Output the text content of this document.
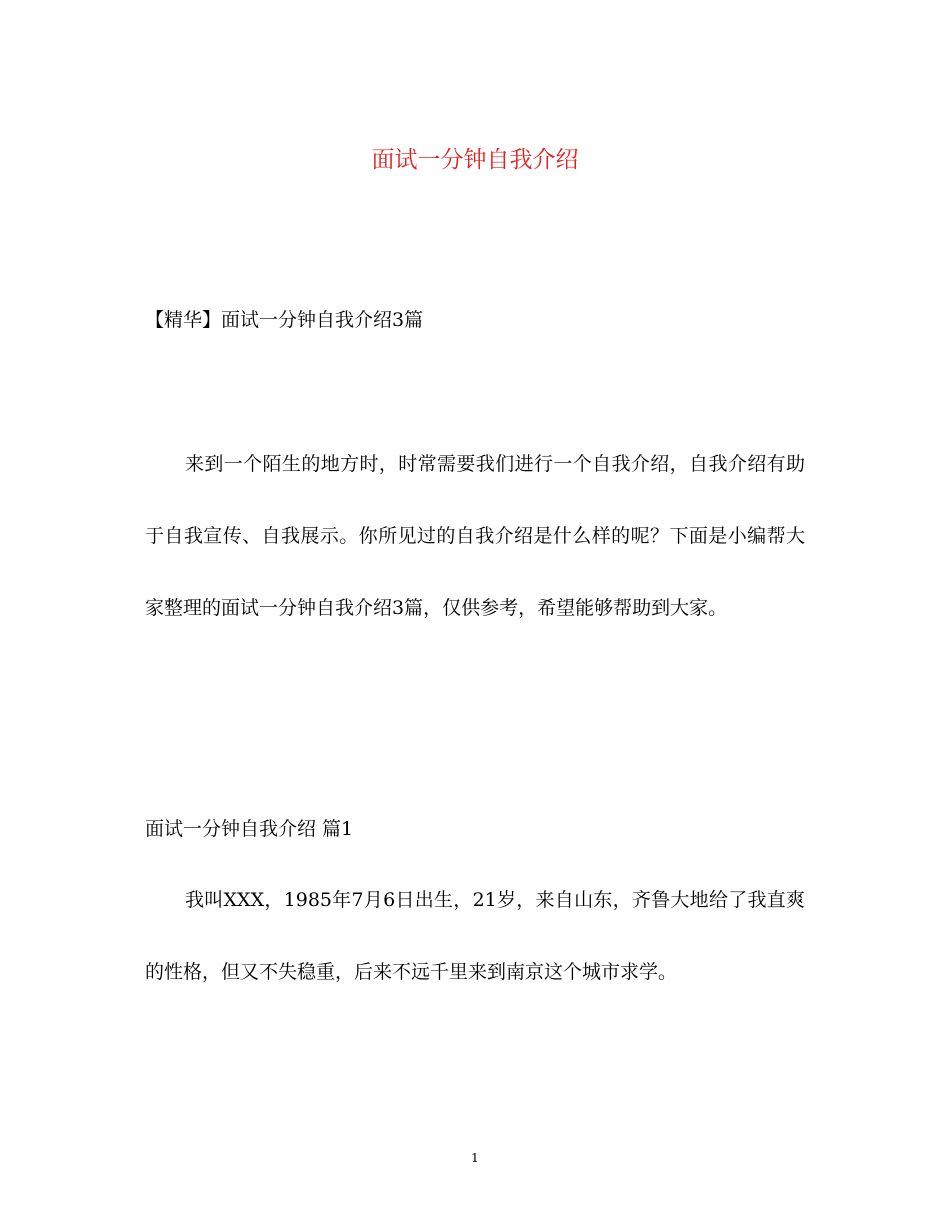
面试一分钟自我介绍

【精华】面试一分钟自我介绍3篇

来到一个陌生的地方时，时常需要我们进行一个自我介绍，自我介绍有助于自我宣传、自我展示。你所见过的自我介绍是什么样的呢？下面是小编帮大家整理的面试一分钟自我介绍3篇，仅供参考，希望能够帮助到大家。

面试一分钟自我介绍 篇1

我叫XXX，1985年7月6日出生，21岁，来自山东，齐鲁大地给了我直爽的性格，但又不失稳重，后来不远千里来到南京这个城市求学。

1
